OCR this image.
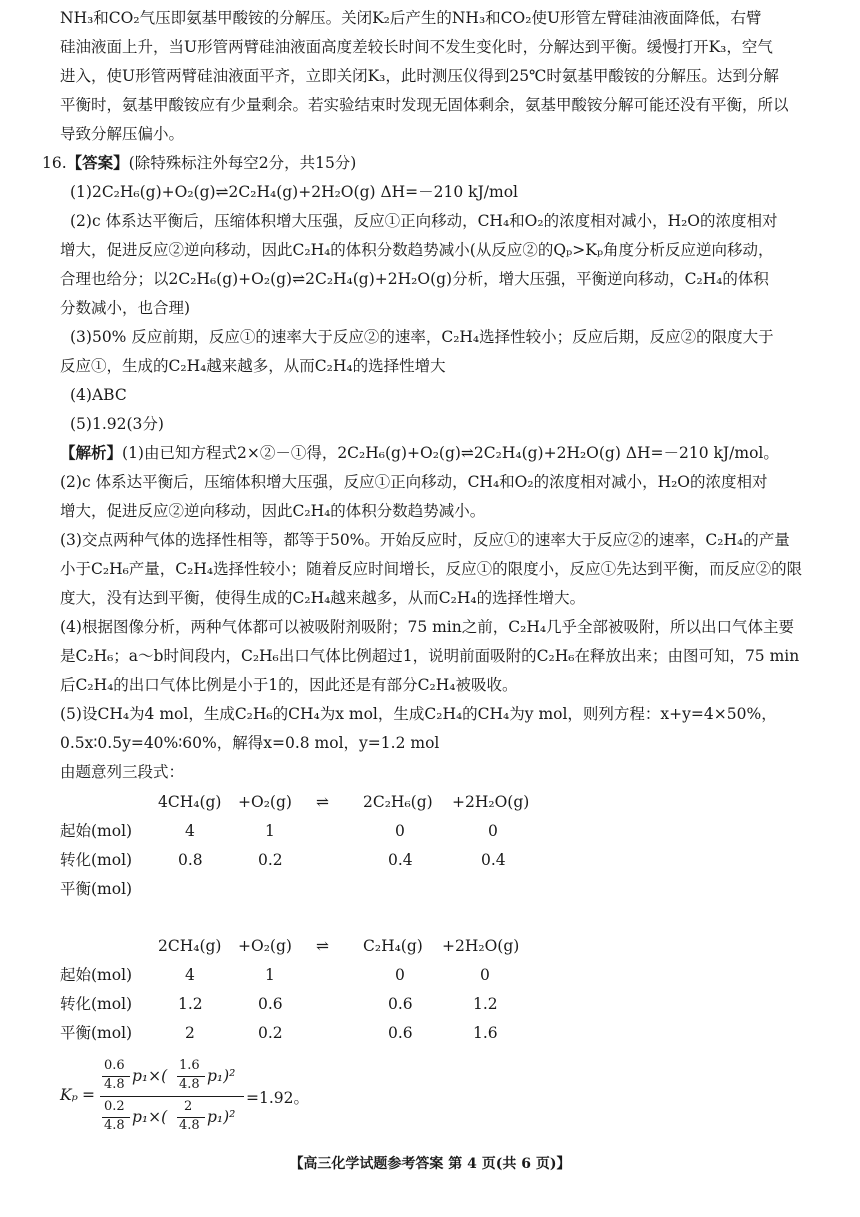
NH₃和CO₂气压即氨基甲酸铵的分解压。关闭K₂后产生的NH₃和CO₂使U形管左臂硅油液面降低，右臂
硅油液面上升，当U形管两臂硅油液面高度差较长时间不发生变化时，分解达到平衡。缓慢打开K₃，空气
进入，使U形管两臂硅油液面平齐，立即关闭K₃，此时测压仪得到25℃时氨基甲酸铵的分解压。达到分解
平衡时，氨基甲酸铵应有少量剩余。若实验结束时发现无固体剩余，氨基甲酸铵分解可能还没有平衡，所以
导致分解压偏小。
16.【答案】(除特殊标注外每空2分，共15分)
(1)2C₂H₆(g)+O₂(g)⇌2C₂H₄(g)+2H₂O(g) ΔH=－210 kJ/mol
(2)c 体系达平衡后，压缩体积增大压强，反应①正向移动，CH₄和O₂的浓度相对减小，H₂O的浓度相对
增大，促进反应②逆向移动，因此C₂H₄的体积分数趋势减小(从反应②的Qₚ>Kₚ角度分析反应逆向移动，
合理也给分；以2C₂H₆(g)+O₂(g)⇌2C₂H₄(g)+2H₂O(g)分析，增大压强，平衡逆向移动，C₂H₄的体积
分数减小，也合理)
(3)50% 反应前期，反应①的速率大于反应②的速率，C₂H₄选择性较小；反应后期，反应②的限度大于
反应①，生成的C₂H₄越来越多，从而C₂H₄的选择性增大
(4)ABC
(5)1.92(3分)
【解析】(1)由已知方程式2×②－①得，2C₂H₆(g)+O₂(g)⇌2C₂H₄(g)+2H₂O(g) ΔH=－210 kJ/mol。
(2)c 体系达平衡后，压缩体积增大压强，反应①正向移动，CH₄和O₂的浓度相对减小，H₂O的浓度相对
增大，促进反应②逆向移动，因此C₂H₄的体积分数趋势减小。
(3)交点两种气体的选择性相等，都等于50%。开始反应时，反应①的速率大于反应②的速率，C₂H₄的产量
小于C₂H₆产量，C₂H₄选择性较小；随着反应时间增长，反应①的限度小，反应①先达到平衡，而反应②的限
度大，没有达到平衡，使得生成的C₂H₄越来越多，从而C₂H₄的选择性增大。
(4)根据图像分析，两种气体都可以被吸附剂吸附；75 min之前，C₂H₄几乎全部被吸附，所以出口气体主要
是C₂H₆；a～b时间段内，C₂H₆出口气体比例超过1，说明前面吸附的C₂H₆在释放出来；由图可知，75 min
后C₂H₄的出口气体比例是小于1的，因此还是有部分C₂H₄被吸收。
(5)设CH₄为4 mol，生成C₂H₆的CH₄为x mol，生成C₂H₄的CH₄为y mol，则列方程：x+y=4×50%，
0.5x∶0.5y=40%∶60%，解得x=0.8 mol，y=1.2 mol
由题意列三段式：
4CH₄(g) +O₂(g) ⇌ 2C₂H₆(g) +2H₂O(g)
起始(mol)	4	1	0	0
转化(mol)	0.8	0.2	0.4	0.4
平衡(mol)
2CH₄(g) +O₂(g) ⇌ C₂H₄(g) +2H₂O(g)
起始(mol)	4	1	0	0
转化(mol)	1.2	0.6	0.6	1.2
平衡(mol)	2	0.2	0.6	1.6
Kₚ =
0.6
4.8 p₁×(
1.6
4.8 p₁)²
0.2
4.8 p₁×(
2
4.8 p₁)²
=1.92。
【高三化学试题参考答案 第 4 页(共 6 页)】
